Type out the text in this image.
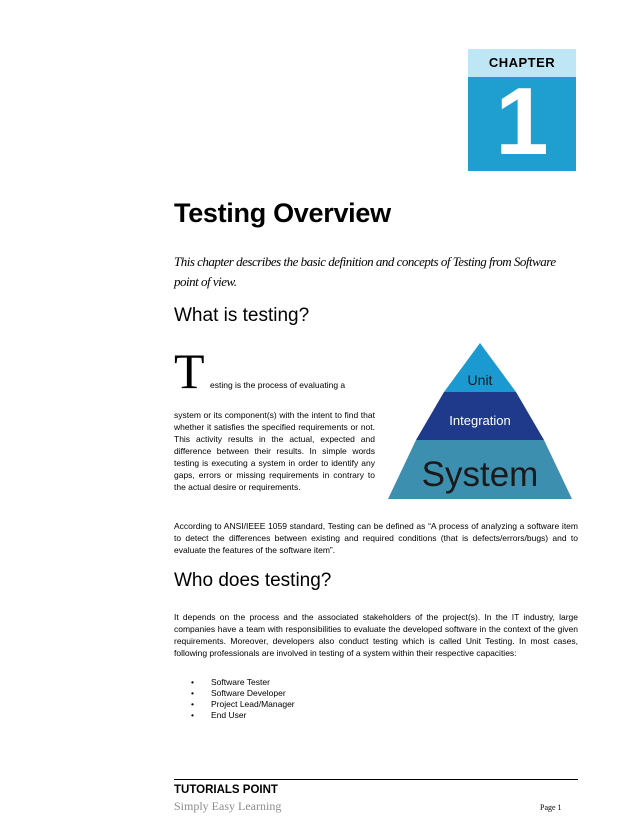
CHAPTER
1
Testing Overview
This chapter describes the basic definition and concepts of Testing from Software point of view.
What is testing?
T esting is the process of evaluating a
system or its component(s) with the intent to find that whether it satisfies the specified requirements or not. This activity results in the actual, expected and difference between their results. In simple words testing is executing a system in order to identify any gaps, errors or missing requirements in contrary to the actual desire or requirements.
Unit
Integration
System
According to ANSI/IEEE 1059 standard, Testing can be defined as “A process of analyzing a software item to detect the differences between existing and required conditions (that is defects/errors/bugs) and to evaluate the features of the software item”.
Who does testing?
It depends on the process and the associated stakeholders of the project(s). In the IT industry, large companies have a team with responsibilities to evaluate the developed software in the context of the given requirements. Moreover, developers also conduct testing which is called Unit Testing. In most cases, following professionals are involved in testing of a system within their respective capacities:
• Software Tester
• Software Developer
• Project Lead/Manager
• End User
TUTORIALS POINT
Simply Easy Learning	Page 1
